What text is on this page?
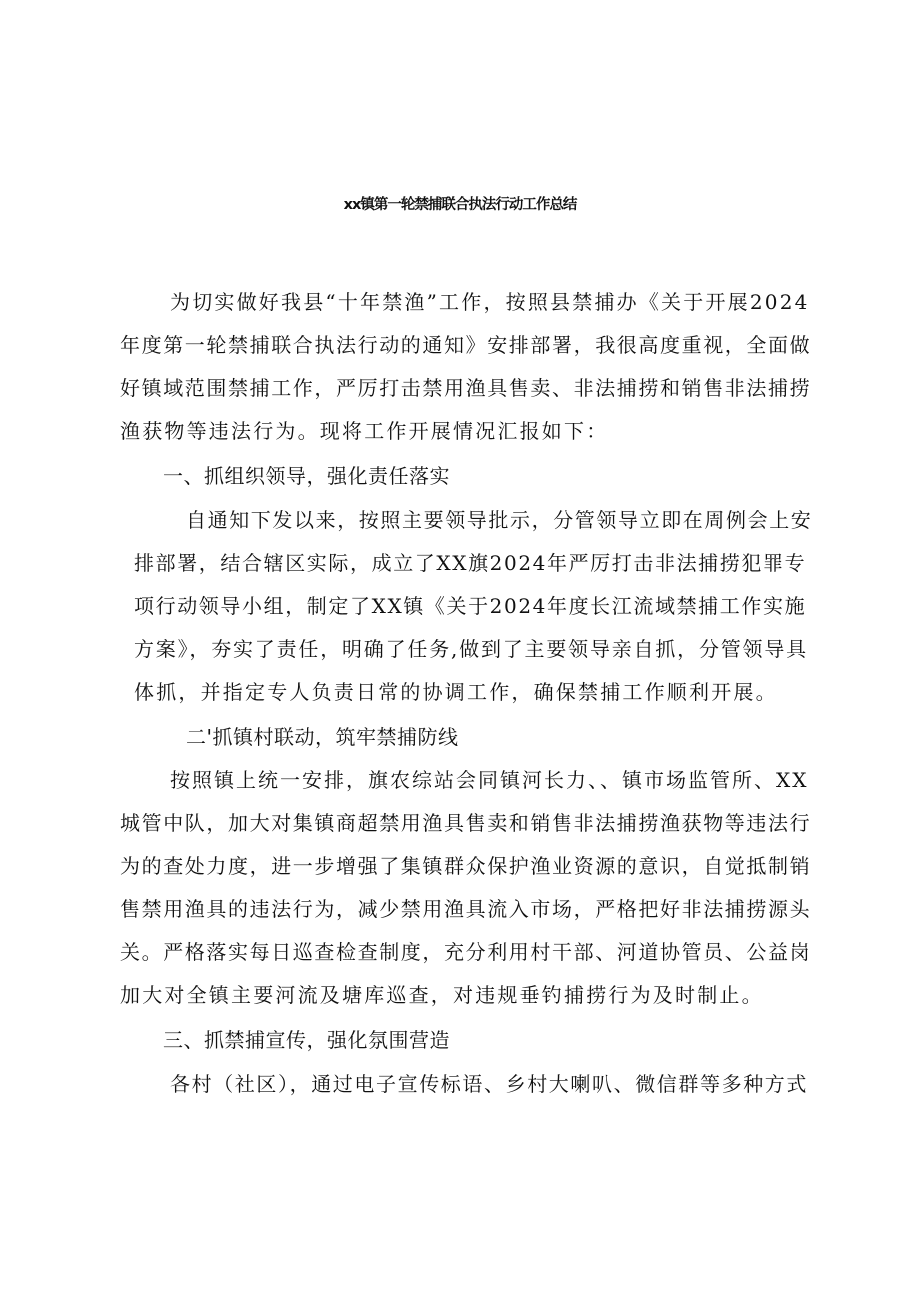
xx镇第一轮禁捕联合执法行动工作总结
为切实做好我县“十年禁渔”工作，按照县禁捕办《关于开展2024
年度第一轮禁捕联合执法行动的通知》安排部署，我很高度重视，全面做
好镇域范围禁捕工作，严厉打击禁用渔具售卖、非法捕捞和销售非法捕捞
渔获物等违法行为。现将工作开展情况汇报如下：
一、抓组织领导，强化责任落实
自通知下发以来，按照主要领导批示，分管领导立即在周例会上安
排部署，结合辖区实际，成立了XX旗2024年严厉打击非法捕捞犯罪专
项行动领导小组，制定了XX镇《关于2024年度长江流域禁捕工作实施
方案》，夯实了责任，明确了任务,做到了主要领导亲自抓，分管领导具
体抓，并指定专人负责日常的协调工作，确保禁捕工作顺利开展。
二'抓镇村联动，筑牢禁捕防线
按照镇上统一安排，旗农综站会同镇河长力、、镇市场监管所、XX
城管中队，加大对集镇商超禁用渔具售卖和销售非法捕捞渔获物等违法行
为的查处力度，进一步增强了集镇群众保护渔业资源的意识，自觉抵制销
售禁用渔具的违法行为，减少禁用渔具流入市场，严格把好非法捕捞源头
关。严格落实每日巡查检查制度，充分利用村干部、河道协管员、公益岗
加大对全镇主要河流及塘库巡查，对违规垂钓捕捞行为及时制止。
三、抓禁捕宣传，强化氛围营造
各村（社区），通过电子宣传标语、乡村大喇叭、微信群等多种方式
